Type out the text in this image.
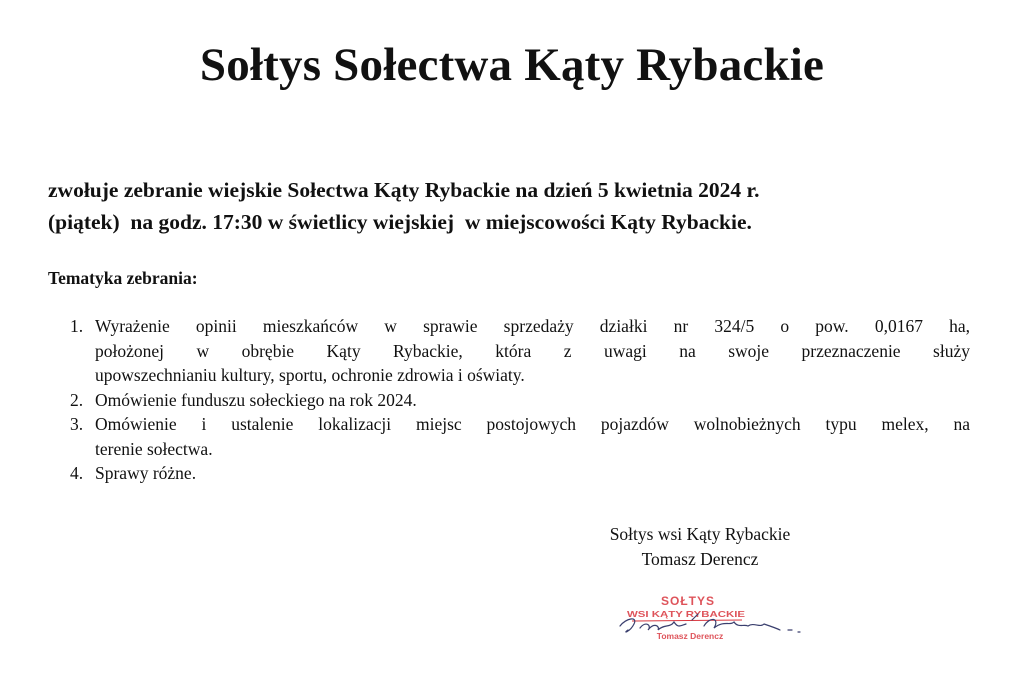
Sołtys Sołectwa Kąty Rybackie

zwołuje zebranie wiejskie Sołectwa Kąty Rybackie na dzień 5 kwietnia 2024 r.
(piątek)  na godz. 17:30 w świetlicy wiejskiej  w miejscowości Kąty Rybackie.

Tematyka zebrania:

1. Wyrażenie opinii mieszkańców w sprawie sprzedaży działki nr 324/5 o pow. 0,0167 ha,
położonej w obrębie Kąty Rybackie, która z uwagi na swoje przeznaczenie służy
upowszechnianiu kultury, sportu, ochronie zdrowia i oświaty.
2. Omówienie funduszu sołeckiego na rok 2024.
3. Omówienie i ustalenie lokalizacji miejsc postojowych pojazdów wolnobieżnych typu melex, na
terenie sołectwa.
4. Sprawy różne.
Sołtys wsi Kąty Rybackie
Tomasz Derencz
SOŁTYS
WSI KĄTY RYBACKIE
Tomasz Derencz
